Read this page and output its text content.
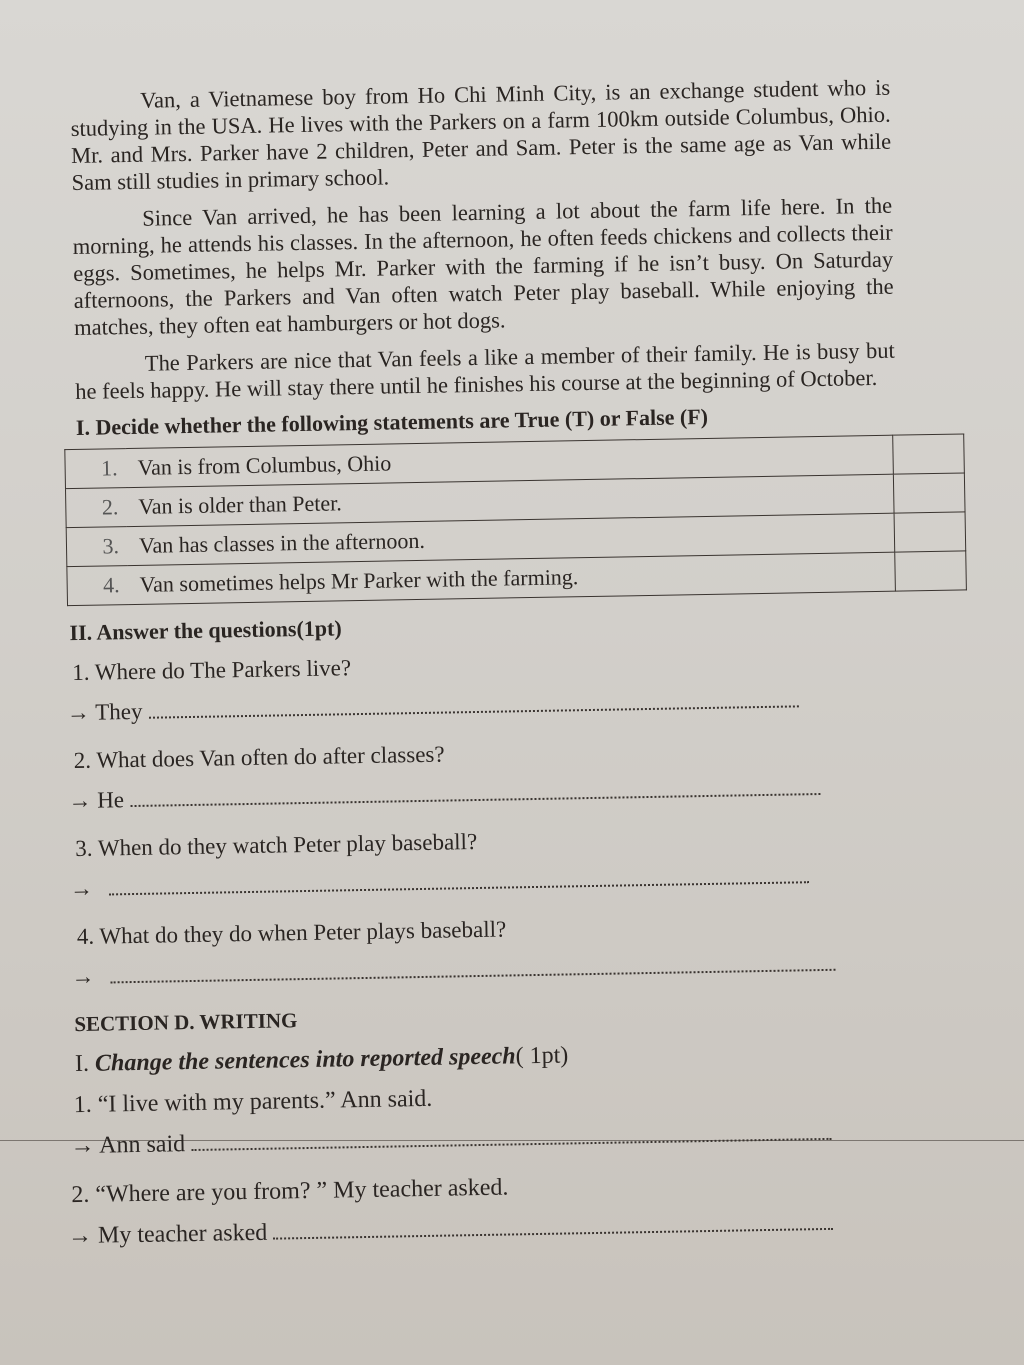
Van, a Vietnamese boy from Ho Chi Minh City, is an exchange student who is studying in the USA. He lives with the Parkers on a farm 100km outside Columbus, Ohio. Mr. and Mrs. Parker have 2 children, Peter and Sam. Peter is the same age as Van while Sam still studies in primary school.

Since Van arrived, he has been learning a lot about the farm life here. In the morning, he attends his classes. In the afternoon, he often feeds chickens and collects their eggs. Sometimes, he helps Mr. Parker with the farming if he isn’t busy. On Saturday afternoons, the Parkers and Van often watch Peter play baseball. While enjoying the matches, they often eat hamburgers or hot dogs.

The Parkers are nice that Van feels a like a member of their family. He is busy but he feels happy. He will stay there until he finishes his course at the beginning of October.

I. Decide whether the following statements are True (T) or False (F)
1.	Van is from Columbus, Ohio	
2.	Van is older than Peter.	
3.	Van has classes in the afternoon.	
4.	Van sometimes helps Mr Parker with the farming.	
II. Answer the questions(1pt)
1. Where do The Parkers live?
→ They
2. What does Van often do after classes?
→ He
3. When do they watch Peter play baseball?
→
4. What do they do when Peter plays baseball?
→
SECTION D. WRITING
I. Change the sentences into reported speech( 1pt)
1. “I live with my parents.” Ann said.
→ Ann said
2. “Where are you from? ” My teacher asked.
→ My teacher asked
